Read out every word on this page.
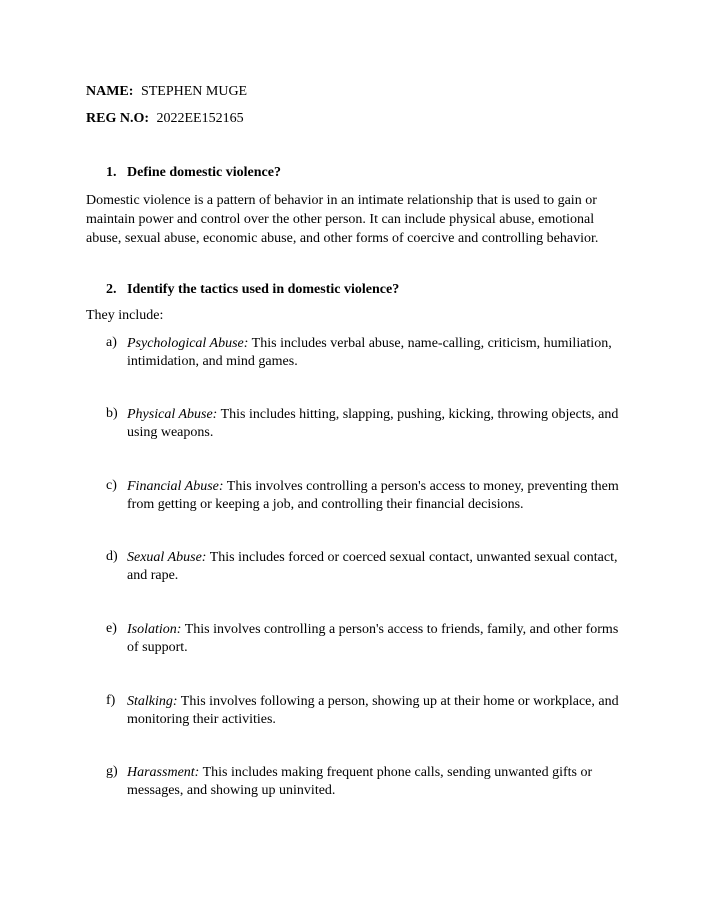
NAME: STEPHEN MUGE
REG N.O: 2022EE152165
1. Define domestic violence?
Domestic violence is a pattern of behavior in an intimate relationship that is used to gain or maintain power and control over the other person. It can include physical abuse, emotional abuse, sexual abuse, economic abuse, and other forms of coercive and controlling behavior.
2. Identify the tactics used in domestic violence?
They include:
a) Psychological Abuse: This includes verbal abuse, name-calling, criticism, humiliation, intimidation, and mind games.
b) Physical Abuse: This includes hitting, slapping, pushing, kicking, throwing objects, and using weapons.
c) Financial Abuse: This involves controlling a person's access to money, preventing them from getting or keeping a job, and controlling their financial decisions.
d) Sexual Abuse: This includes forced or coerced sexual contact, unwanted sexual contact, and rape.
e) Isolation: This involves controlling a person's access to friends, family, and other forms of support.
f) Stalking: This involves following a person, showing up at their home or workplace, and monitoring their activities.
g) Harassment: This includes making frequent phone calls, sending unwanted gifts or messages, and showing up uninvited.
